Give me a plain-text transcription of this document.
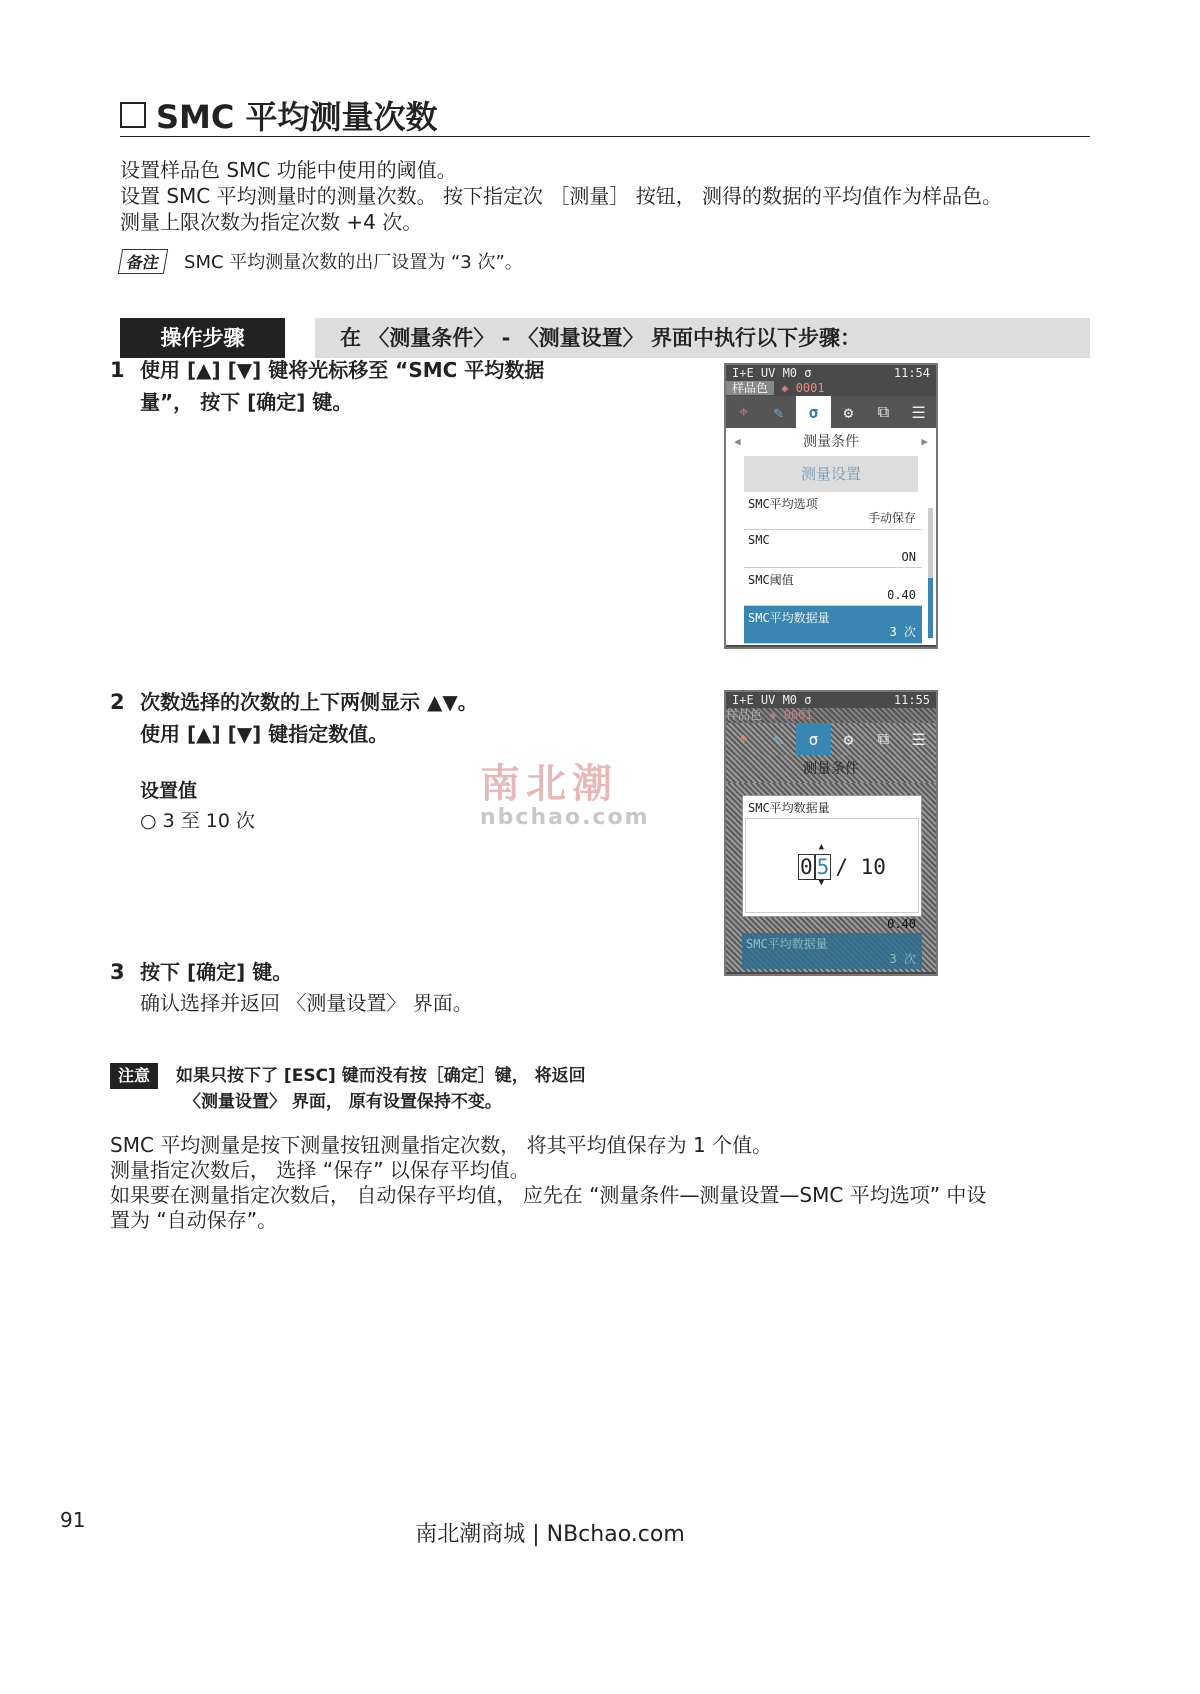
SMC 平均测量次数
设置样品色 SMC 功能中使用的阈值。
设置 SMC 平均测量时的测量次数。 按下指定次 ［测量］ 按钮， 测得的数据的平均值作为样品色。
测量上限次数为指定次数 +4 次。
备注 SMC 平均测量次数的出厂设置为 “3 次”。
操作步骤	在 〈测量条件〉 - 〈测量设置〉 界面中执行以下步骤：
1 使用 [▲] [▼] 键将光标移至 “SMC 平均数据
量”， 按下 [确定] 键。
I+E UV M0 σ	11:54
样品色 ◈ 0001
⌖	✎	σ	⚙	⧉	☰
◀	测量条件	▶
测量设置
SMC平均选项
手动保存
SMC
ON
SMC阈值
0.40
SMC平均数据量
3 次
2 次数选择的次数的上下两侧显示 ▲▼。
使用 [▲] [▼] 键指定数值。
设置值
○ 3 至 10 次
南北潮
nbchao.com
I+E UV M0 σ	11:55
样品色 ◈ 0001
⌖	✎	σ	⚙	⧉	☰
测量条件
SMC平均数据量
0
▲
5
▼
/ 10
0.40
SMC平均数据量
3 次
3 按下 [确定] 键。
确认选择并返回 〈测量设置〉 界面。
注意 如果只按下了 [ESC] 键而没有按［确定］键， 将返回
〈测量设置〉 界面， 原有设置保持不变。
SMC 平均测量是按下测量按钮测量指定次数， 将其平均值保存为 1 个值。
测量指定次数后， 选择 “保存” 以保存平均值。
如果要在测量指定次数后， 自动保存平均值， 应先在 “测量条件—测量设置—SMC 平均选项” 中设
置为 “自动保存”。
91
南北潮商城 | NBchao.com
